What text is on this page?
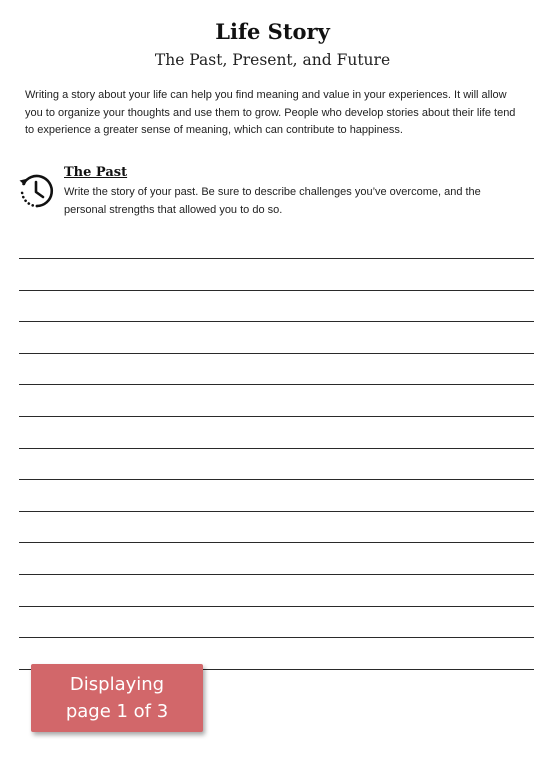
Life Story
The Past, Present, and Future
Writing a story about your life can help you find meaning and value in your experiences. It will allow you to organize your thoughts and use them to grow. People who develop stories about their life tend to experience a greater sense of meaning, which can contribute to happiness.
The Past
Write the story of your past. Be sure to describe challenges you’ve overcome, and the personal strengths that allowed you to do so.
Displaying
page 1 of 3
